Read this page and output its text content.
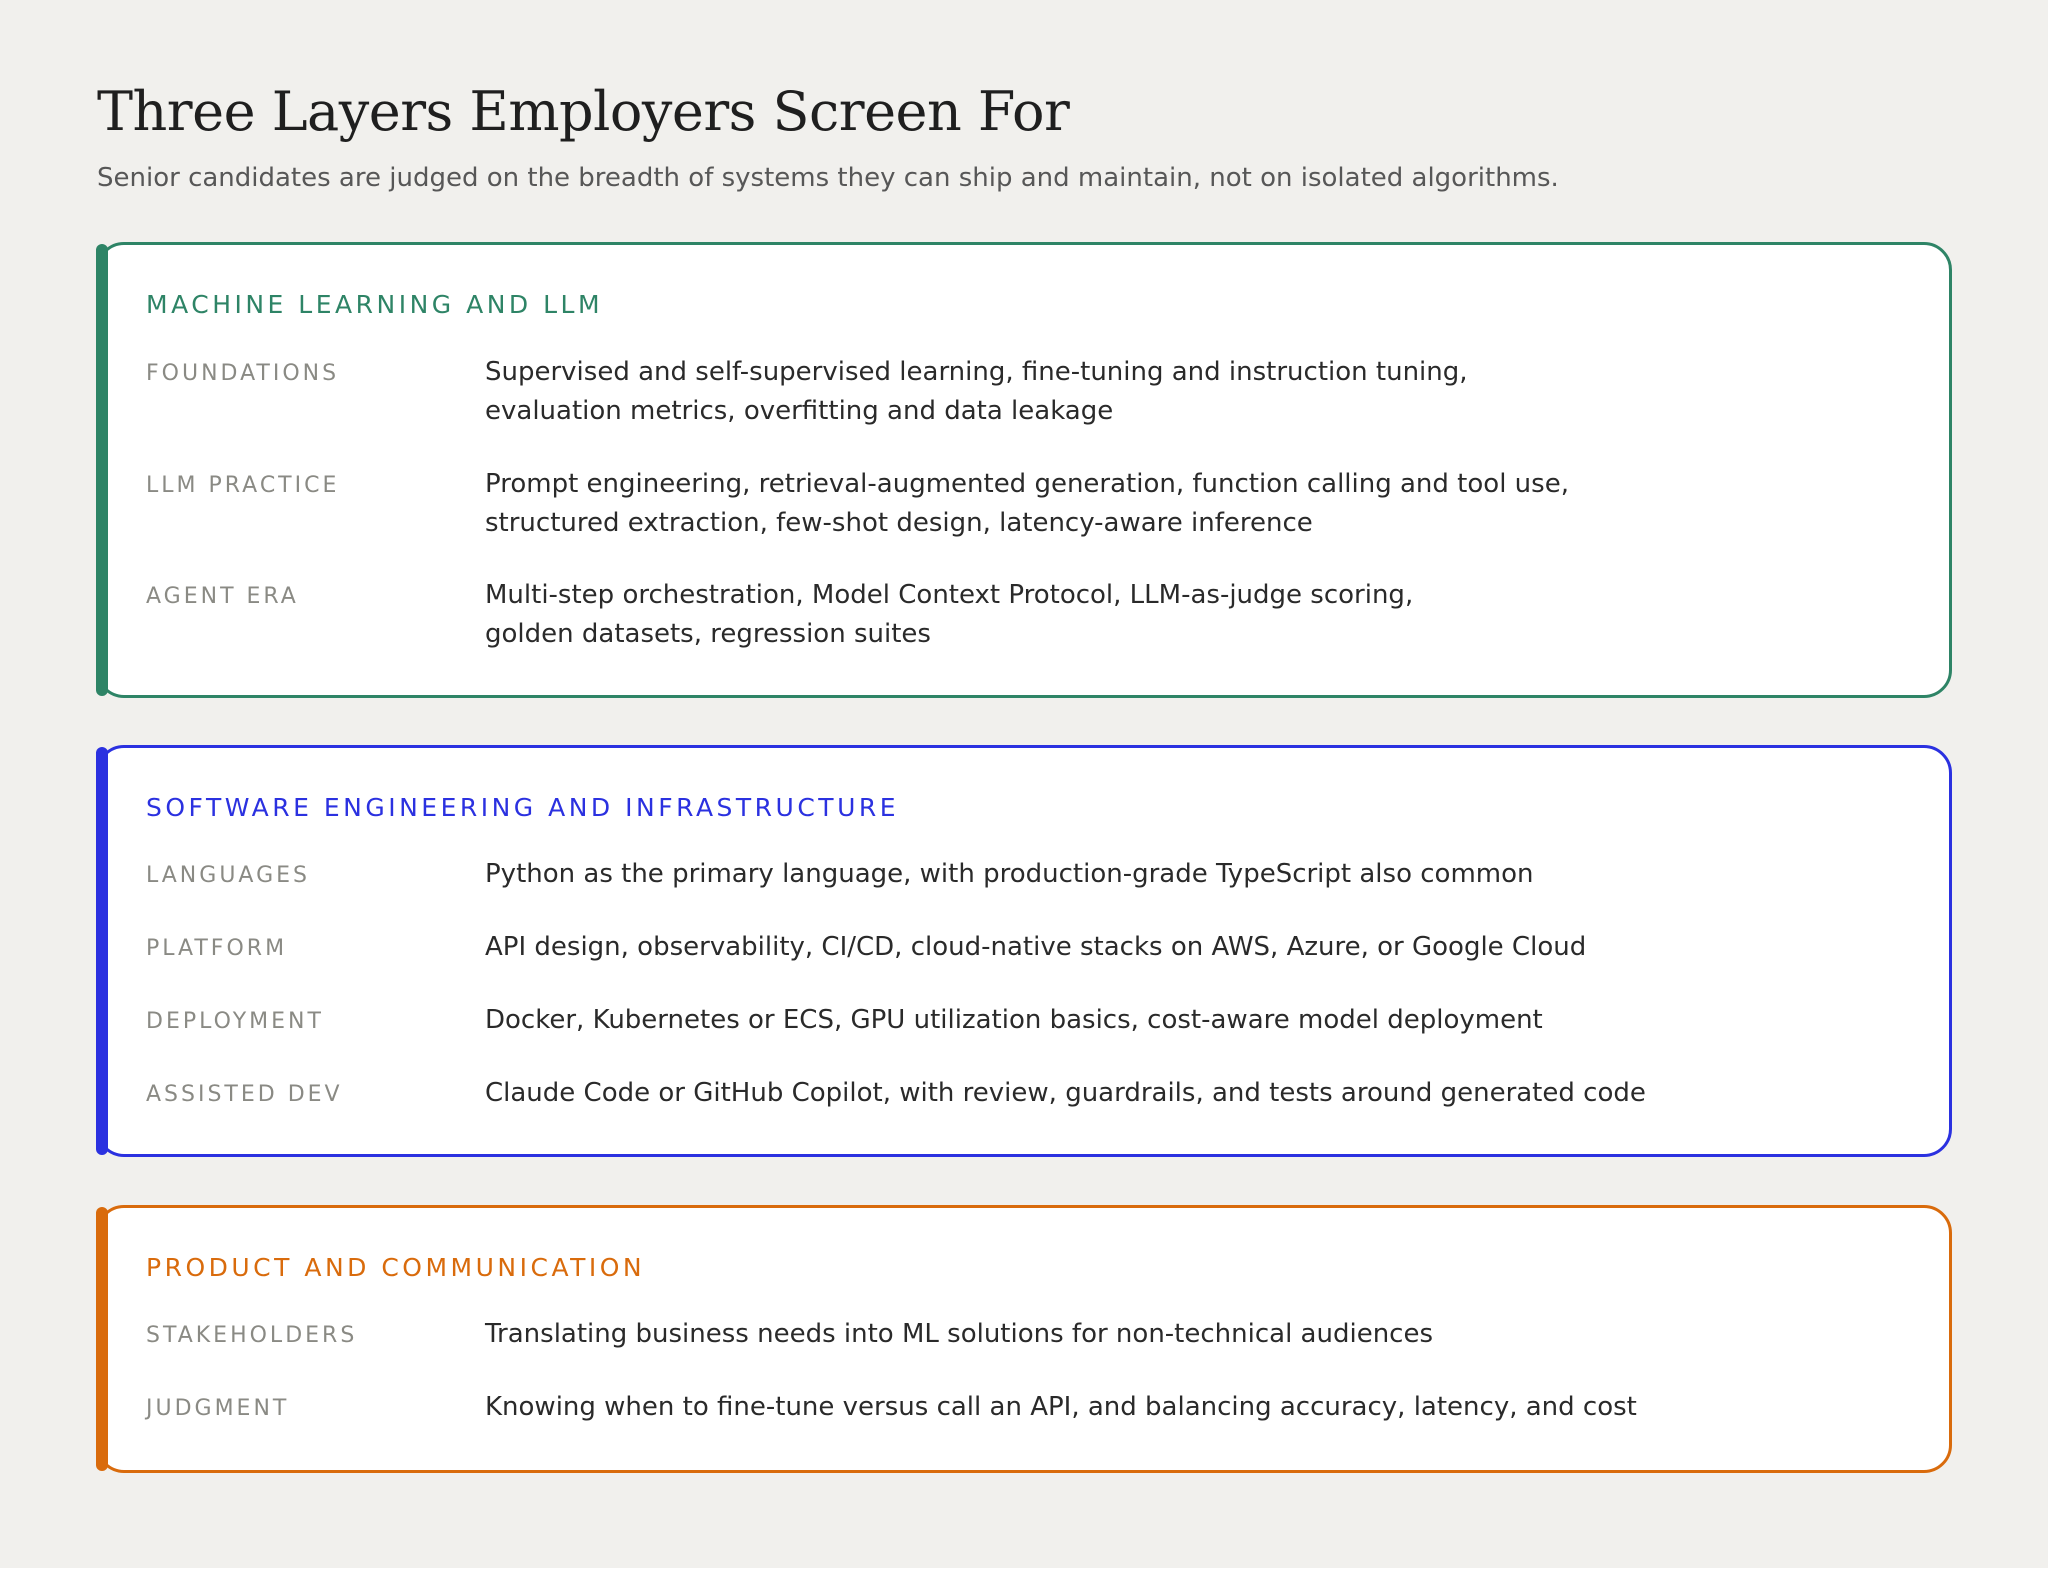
Three Layers Employers Screen For

Senior candidates are judged on the breadth of systems they can ship and maintain, not on isolated algorithms.

MACHINE LEARNING AND LLM
FOUNDATIONS	Supervised and self-supervised learning, fine-tuning and instruction tuning,
evaluation metrics, overfitting and data leakage
LLM PRACTICE	Prompt engineering, retrieval-augmented generation, function calling and tool use,
structured extraction, few-shot design, latency-aware inference
AGENT ERA	Multi-step orchestration, Model Context Protocol, LLM-as-judge scoring,
golden datasets, regression suites
SOFTWARE ENGINEERING AND INFRASTRUCTURE
LANGUAGES	Python as the primary language, with production-grade TypeScript also common
PLATFORM	API design, observability, CI/CD, cloud-native stacks on AWS, Azure, or Google Cloud
DEPLOYMENT	Docker, Kubernetes or ECS, GPU utilization basics, cost-aware model deployment
ASSISTED DEV	Claude Code or GitHub Copilot, with review, guardrails, and tests around generated code
PRODUCT AND COMMUNICATION
STAKEHOLDERS	Translating business needs into ML solutions for non-technical audiences
JUDGMENT	Knowing when to fine-tune versus call an API, and balancing accuracy, latency, and cost
